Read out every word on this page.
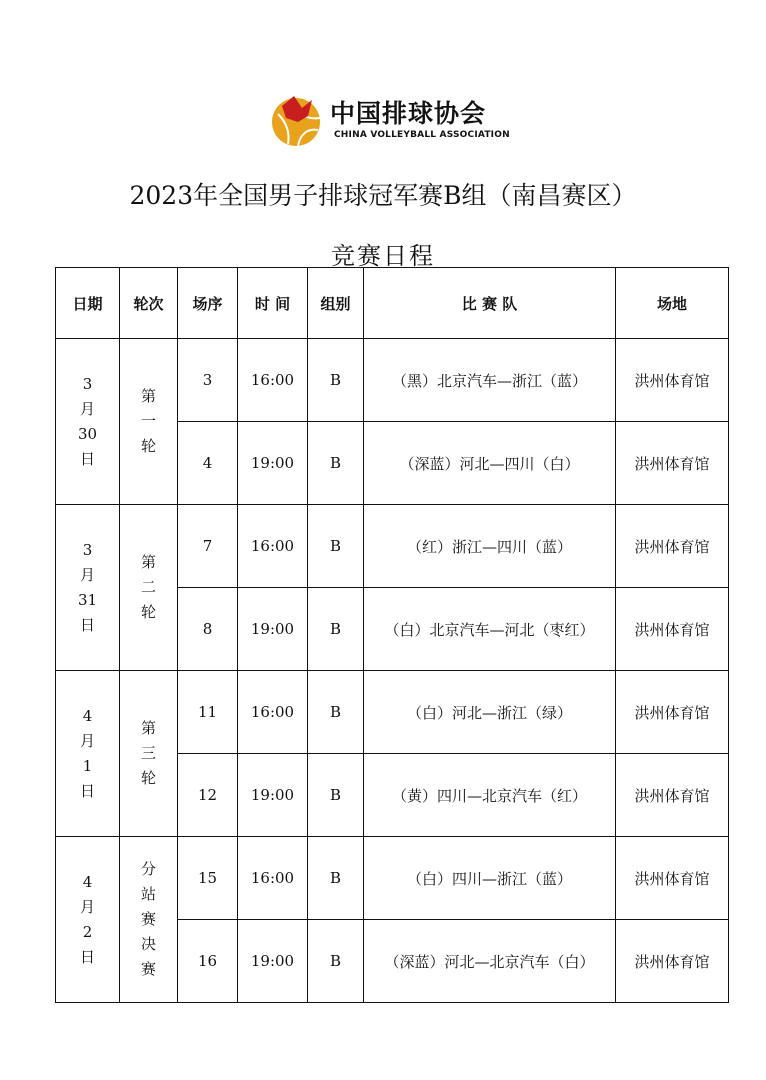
中国排球协会
CHINA VOLLEYBALL ASSOCIATION
2023年全国男子排球冠军赛B组（南昌赛区）
竞赛日程
日期	轮次	场序	时 间	组别	比 赛 队	场地

3
月
30
日	第
一
轮	3	16:00	B	（黑）北京汽车—浙江（蓝）	洪州体育馆
		4	19:00	B	（深蓝）河北—四川（白）	洪州体育馆

3
月
31
日	第
二
轮	7	16:00	B	（红）浙江—四川（蓝）	洪州体育馆
		8	19:00	B	（白）北京汽车—河北（枣红）	洪州体育馆

4
月
1
日	第
三
轮	11	16:00	B	（白）河北—浙江（绿）	洪州体育馆
		12	19:00	B	（黄）四川—北京汽车（红）	洪州体育馆

4
月
2
日	分
站
赛
决
赛	15	16:00	B	（白）四川—浙江（蓝）	洪州体育馆
		16	19:00	B	（深蓝）河北—北京汽车（白）	洪州体育馆
